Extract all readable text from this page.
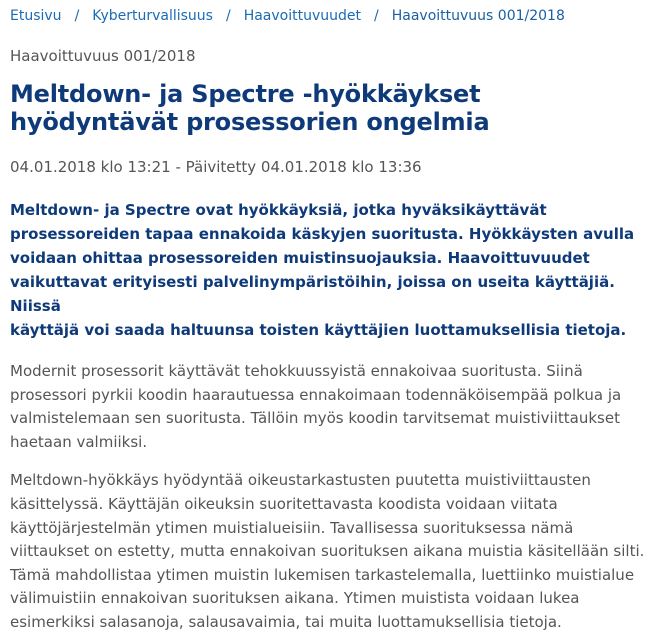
Etusivu / Kyberturvallisuus / Haavoittuvuudet / Haavoittuvuus 001/2018
Haavoittuvuus 001/2018
Meltdown- ja Spectre -hyökkäykset
hyödyntävät prosessorien ongelmia
04.01.2018 klo 13:21 - Päivitetty 04.01.2018 klo 13:36
Meltdown- ja Spectre ovat hyökkäyksiä, jotka hyväksikäyttävät
prosessoreiden tapaa ennakoida käskyjen suoritusta. Hyökkäysten avulla
voidaan ohittaa prosessoreiden muistinsuojauksia. Haavoittuvuudet
vaikuttavat erityisesti palvelinympäristöihin, joissa on useita käyttäjiä. Niissä
käyttäjä voi saada haltuunsa toisten käyttäjien luottamuksellisia tietoja.

Modernit prosessorit käyttävät tehokkuussyistä ennakoivaa suoritusta. Siinä
prosessori pyrkii koodin haarautuessa ennakoimaan todennäköisempää polkua ja
valmistelemaan sen suoritusta. Tällöin myös koodin tarvitsemat muistiviittaukset
haetaan valmiiksi.

Meltdown-hyökkäys hyödyntää oikeustarkastusten puutetta muistiviittausten
käsittelyssä. Käyttäjän oikeuksin suoritettavasta koodista voidaan viitata
käyttöjärjestelmän ytimen muistialueisiin. Tavallisessa suorituksessa nämä
viittaukset on estetty, mutta ennakoivan suorituksen aikana muistia käsitellään silti.
Tämä mahdollistaa ytimen muistin lukemisen tarkastelemalla, luettiinko muistialue
välimuistiin ennakoivan suorituksen aikana. Ytimen muistista voidaan lukea
esimerkiksi salasanoja, salausavaimia, tai muita luottamuksellisia tietoja.
